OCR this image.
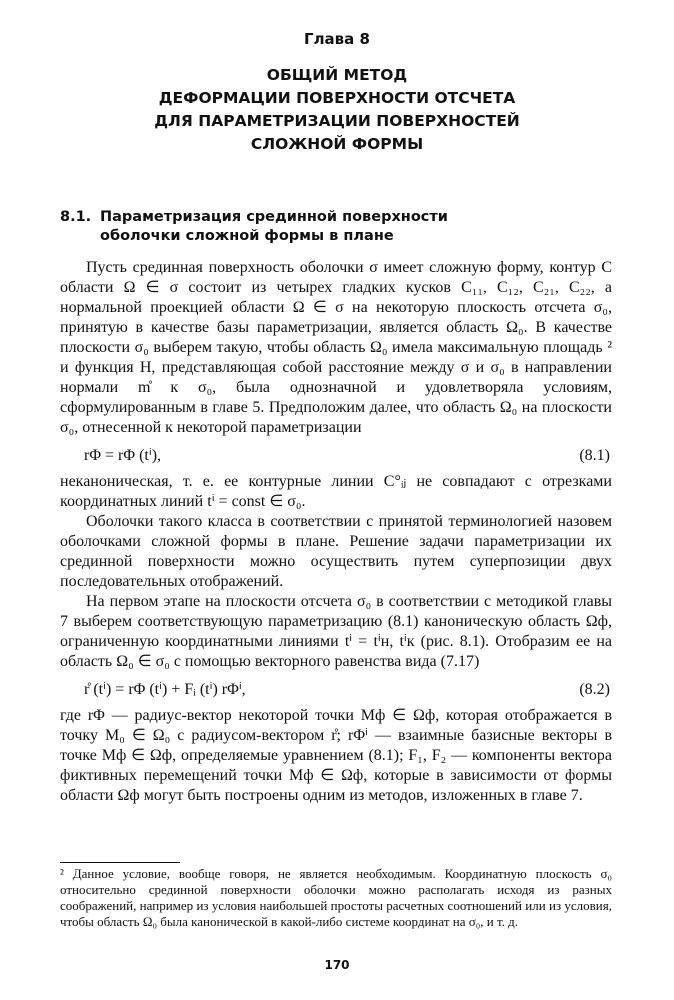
Глава 8
ОБЩИЙ МЕТОД
ДЕФОРМАЦИИ ПОВЕРХНОСТИ ОТСЧЕТА
ДЛЯ ПАРАМЕТРИЗАЦИИ ПОВЕРХНОСТЕЙ
СЛОЖНОЙ ФОРМЫ
8.1. Параметризация срединной поверхности
оболочки сложной формы в плане

Пусть срединная поверхность оболочки σ имеет сложную форму, контур C области Ω ∈ σ состоит из четырех гладких кусков C₁₁, C₁₂, C₂₁, C₂₂, а нормальной проекцией области Ω ∈ σ на некоторую плоскость отсчета σ₀, принятую в качестве базы параметризации, является область Ω₀. В качестве плоскости σ₀ выберем такую, чтобы область Ω₀ имела максимальную площадь ² и функция H, представляющая собой расстояние между σ и σ₀ в направлении нормали m̊ к σ₀, была однозначной и удовлетворяла условиям, сформулированным в главе 5. Предположим далее, что область Ω₀ на плоскости σ₀, отнесенной к некоторой параметризации

rΦ = rΦ (tⁱ),	(8.1)

неканоническая, т. е. ее контурные линии C°ᵢⱼ не совпадают с отрезками координатных линий tⁱ = const ∈ σ₀.

Оболочки такого класса в соответствии с принятой терминологией назовем оболочками сложной формы в плане. Решение задачи параметризации их срединной поверхности можно осуществить путем суперпозиции двух последовательных отображений.

На первом этапе на плоскости отсчета σ₀ в соответствии с методикой главы 7 выберем соответствующую параметризацию (8.1) каноническую область Ωф, ограниченную координатными линиями tⁱ = tⁱн, tⁱк (рис. 8.1). Отобразим ее на область Ω₀ ∈ σ₀ с помощью векторного равенства вида (7.17)

r̊ (tⁱ) = rΦ (tⁱ) + Fᵢ (tⁱ) rΦⁱ,	(8.2)

где rΦ — радиус-вектор некоторой точки Mф ∈ Ωф, которая отображается в точку M₀ ∈ Ω₀ с радиусом-вектором r̊; rΦⁱ — взаимные базисные векторы в точке Mф ∈ Ωф, определяемые уравнением (8.1); F₁, F₂ — компоненты вектора фиктивных перемещений точки Mф ∈ Ωф, которые в зависимости от формы области Ωф могут быть построены одним из методов, изложенных в главе 7.

² Данное условие, вообще говоря, не является необходимым. Координатную плоскость σ₀ относительно срединной поверхности оболочки можно располагать исходя из разных соображений, например из условия наибольшей простоты расчетных соотношений или из условия, чтобы область Ω₀ была канонической в какой-либо системе координат на σ₀, и т. д.
170
